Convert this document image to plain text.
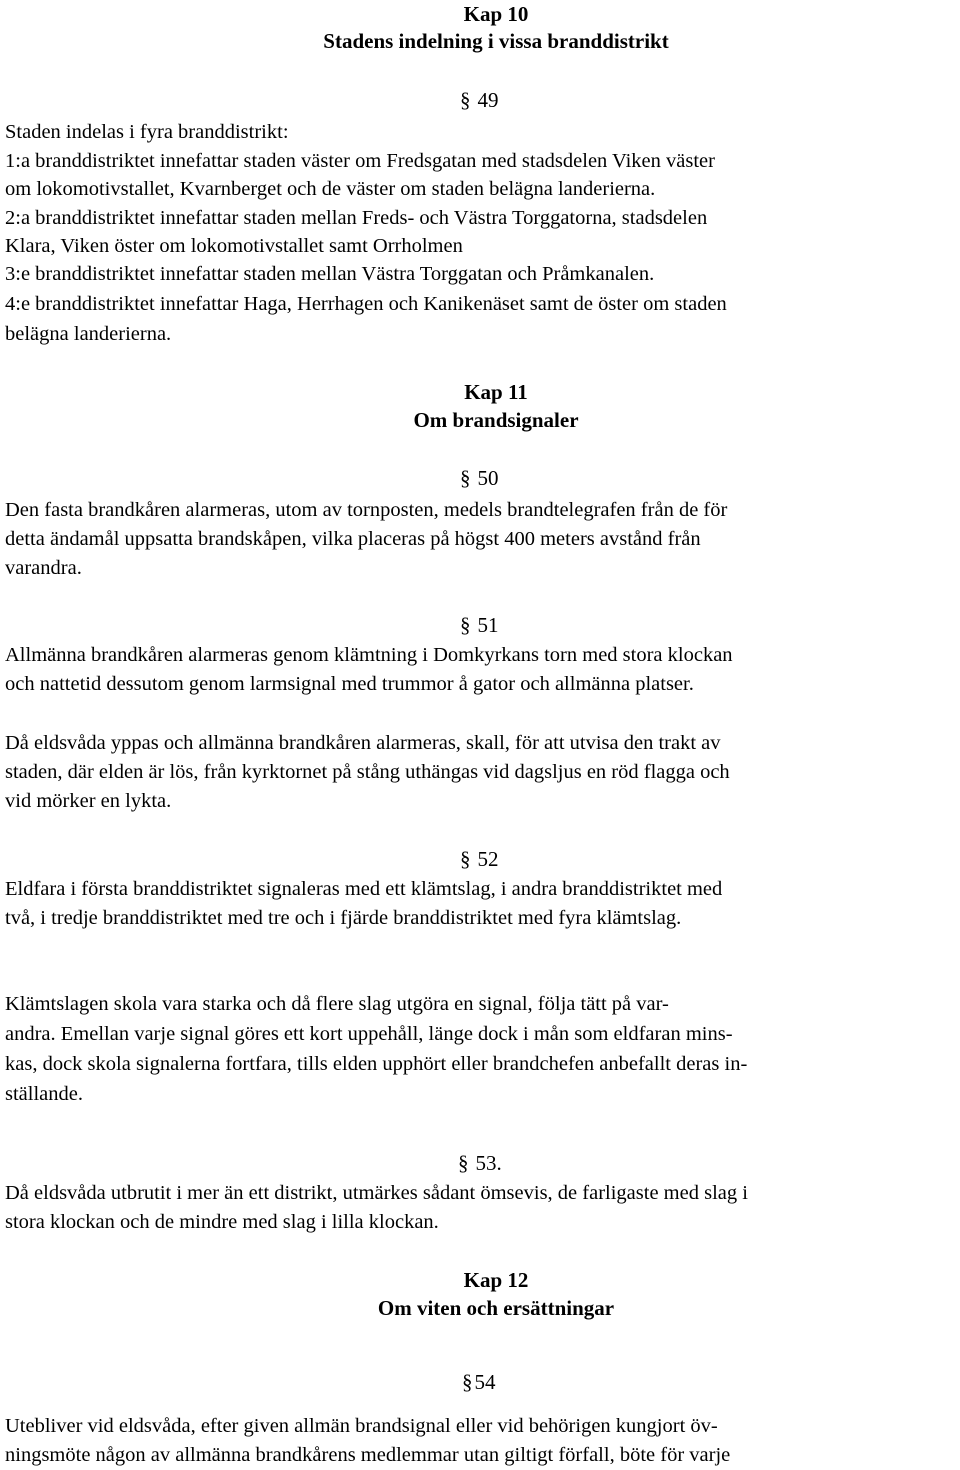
Kap 10
Stadens indelning i vissa branddistrikt
§ 49
Staden indelas i fyra branddistrikt:
1:a branddistriktet innefattar staden väster om Fredsgatan med stadsdelen Viken väster
om lokomotivstallet, Kvarnberget och de väster om staden belägna landerierna.
2:a branddistriktet innefattar staden mellan Freds- och Västra Torggatorna, stadsdelen
Klara, Viken öster om lokomotivstallet samt Orrholmen
3:e branddistriktet innefattar staden mellan Västra Torggatan och Pråmkanalen.
4:e branddistriktet innefattar Haga, Herrhagen och Kanikenäset samt de öster om staden
belägna landerierna.
Kap 11
Om brandsignaler
§ 50
Den fasta brandkåren alarmeras, utom av tornposten, medels brandtelegrafen från de för
detta ändamål uppsatta brandskåpen, vilka placeras på högst 400 meters avstånd från
varandra.
§ 51
Allmänna brandkåren alarmeras genom klämtning i Domkyrkans torn med stora klockan
och nattetid dessutom genom larmsignal med trummor å gator och allmänna platser.
Då eldsvåda yppas och allmänna brandkåren alarmeras, skall, för att utvisa den trakt av
staden, där elden är lös, från kyrktornet på stång uthängas vid dagsljus en röd flagga och
vid mörker en lykta.
§ 52
Eldfara i första branddistriktet signaleras med ett klämtslag, i andra branddistriktet med
två, i tredje branddistriktet med tre och i fjärde branddistriktet med fyra klämtslag.
Klämtslagen skola vara starka och då flere slag utgöra en signal, följa tätt på var-
andra. Emellan varje signal göres ett kort uppehåll, länge dock i mån som eldfaran mins-
kas, dock skola signalerna fortfara, tills elden upphört eller brandchefen anbefallt deras in-
ställande.
§ 53.
Då eldsvåda utbrutit i mer än ett distrikt, utmärkes sådant ömsevis, de farligaste med slag i
stora klockan och de mindre med slag i lilla klockan.
Kap 12
Om viten och ersättningar
§54
Utebliver vid eldsvåda, efter given allmän brandsignal eller vid behörigen kungjort öv-
ningsmöte någon av allmänna brandkårens medlemmar utan giltigt förfall, böte för varje
